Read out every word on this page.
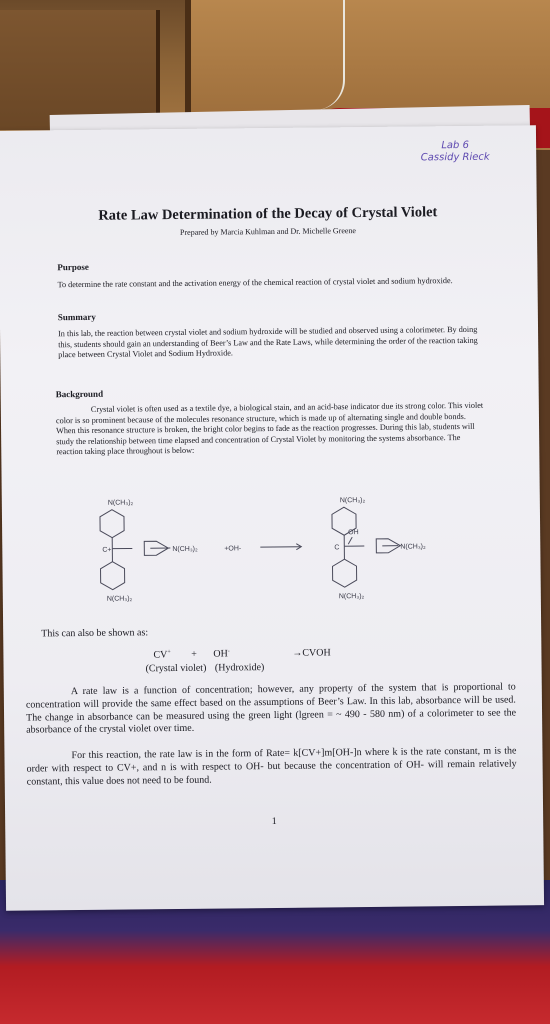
Lab 6
Cassidy Rieck
Rate Law Determination of the Decay of Crystal Violet
Prepared by Marcia Kuhlman and Dr. Michelle Greene
Purpose
To determine the rate constant and the activation energy of the chemical reaction of crystal violet and sodium hydroxide.
Summary
In this lab, the reaction between crystal violet and sodium hydroxide will be studied and observed using a colorimeter. By doing this, students should gain an understanding of Beer’s Law and the Rate Laws, while determining the order of the reaction taking place between Crystal Violet and Sodium Hydroxide.
Background
Crystal violet is often used as a textile dye, a biological stain, and an acid-base indicator due its strong color. This violet color is so prominent because of the molecules resonance structure, which is made up of alternating single and double bonds. When this resonance structure is broken, the bright color begins to fade as the reaction progresses. During this lab, students will study the relationship between time elapsed and concentration of Crystal Violet by monitoring the systems absorbance. The reaction taking place throughout is below:
N(CH₃)₂	N(CH₃)₂
C+	N(CH₃)₂	+OH-
OH
C	N(CH₃)₂
N(CH₃)₂	N(CH₃)₂
This can also be shown as:
CV+ + OH-	→CVOH
(Crystal violet) (Hydroxide)
A rate law is a function of concentration; however, any property of the system that is proportional to concentration will provide the same effect based on the assumptions of Beer’s Law. In this lab, absorbance will be used. The change in absorbance can be measured using the green light (lgreen = ~ 490 - 580 nm) of a colorimeter to see the absorbance of the crystal violet over time.
For this reaction, the rate law is in the form of Rate= k[CV+]m[OH-]n where k is the rate constant, m is the order with respect to CV+, and n is with respect to OH- but because the concentration of OH- will remain relatively constant, this value does not need to be found.
1
